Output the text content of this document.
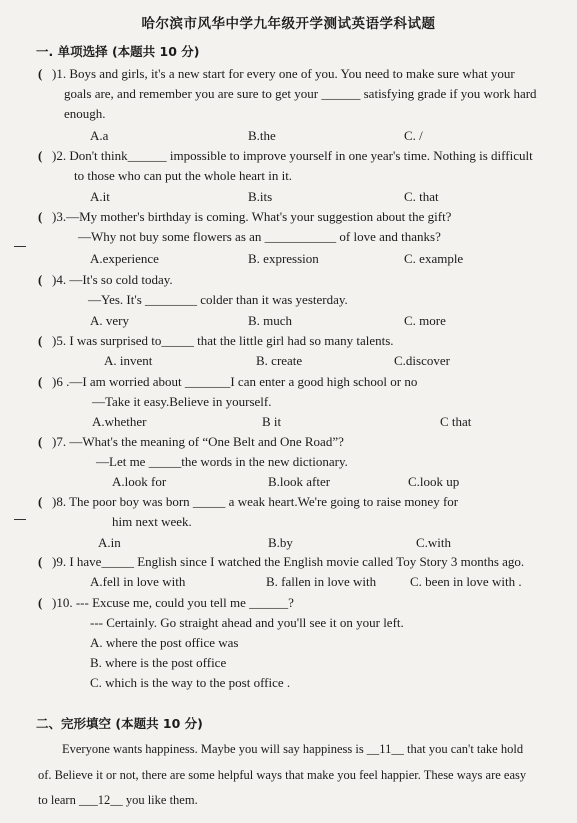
哈尔滨市风华中学九年级开学测试英语学科试题
一. 单项选择 (本题共 10 分)
( )1. Boys and girls, it's a new start for every one of you. You need to make sure what your
goals are, and remember you are sure to get your ______ satisfying grade if you work hard
enough.
A.a	B.the	C. /
( )2. Don't think______ impossible to improve yourself in one year's time. Nothing is difficult
to those who can put the whole heart in it.
A.it	B.its	C. that
( )3.—My mother's birthday is coming. What's your suggestion about the gift?
—Why not buy some flowers as an ___________ of love and thanks?
A.experience	B. expression	C. example
( )4. —It's so cold today.
—Yes. It's ________ colder than it was yesterday.
A. very	B. much	C. more
( )5. I was surprised to_____ that the little girl had so many talents.
A. invent	B. create	C.discover
( )6 .—I am worried about _______I can enter a good high school or no
—Take it easy.Believe in yourself.
A.whether	B it	C that
( )7. —What's the meaning of “One Belt and One Road”?
—Let me _____the words in the new dictionary.
A.look for	B.look after	C.look up
( )8. The poor boy was born _____ a weak heart.We're going to raise money for
him next week.
A.in	B.by	C.with
( )9. I have_____ English since I watched the English movie called Toy Story 3 months ago.
A.fell in love with	B. fallen in love with	C. been in love with .
( )10. --- Excuse me, could you tell me ______?
--- Certainly. Go straight ahead and you'll see it on your left.
A. where the post office was
B. where is the post office
C. which is the way to the post office .
二、完形填空 (本题共 10 分)
Everyone wants happiness. Maybe you will say happiness is __11__ that you can't take hold
of. Believe it or not, there are some helpful ways that make you feel happier. These ways are easy
to learn ___12__ you like them.
